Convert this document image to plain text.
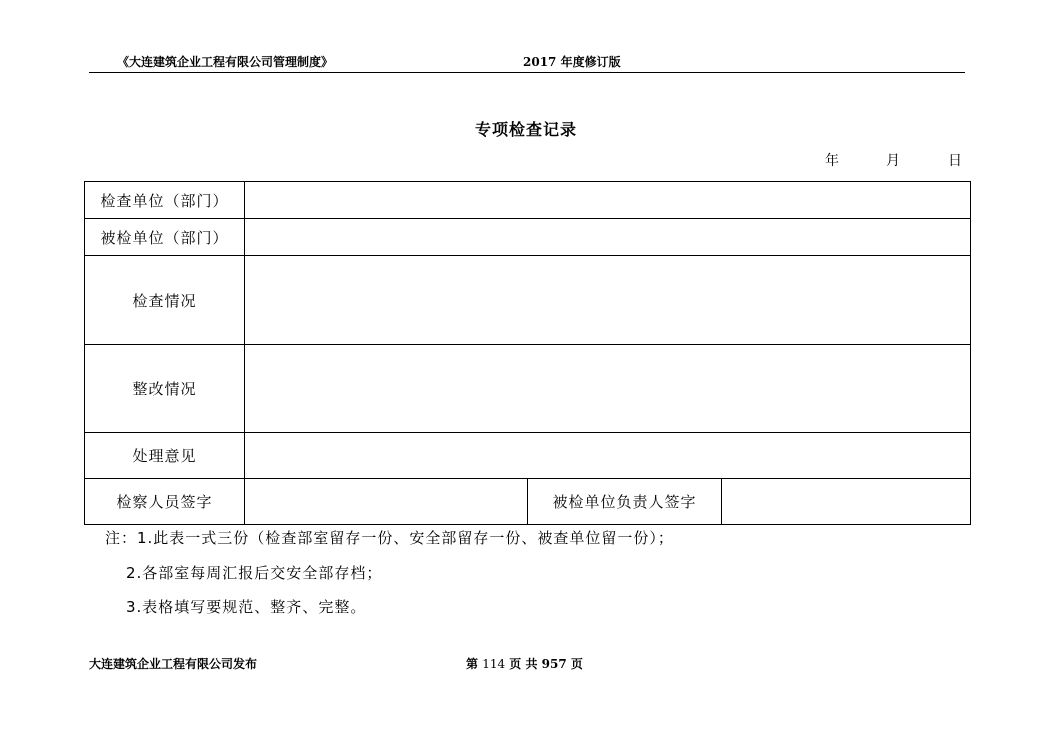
《大连建筑企业工程有限公司管理制度》	2017 年度修订版
专项检查记录
年	月	日
检查单位（部门）			
被检单位（部门）			
检查情况			
整改情况			
处理意见			
检察人员签字		被检单位负责人签字	
注：1.此表一式三份（检查部室留存一份、安全部留存一份、被查单位留一份）；
2.各部室每周汇报后交安全部存档；
3.表格填写要规范、整齐、完整。
大连建筑企业工程有限公司发布	第 114 页 共 957 页
